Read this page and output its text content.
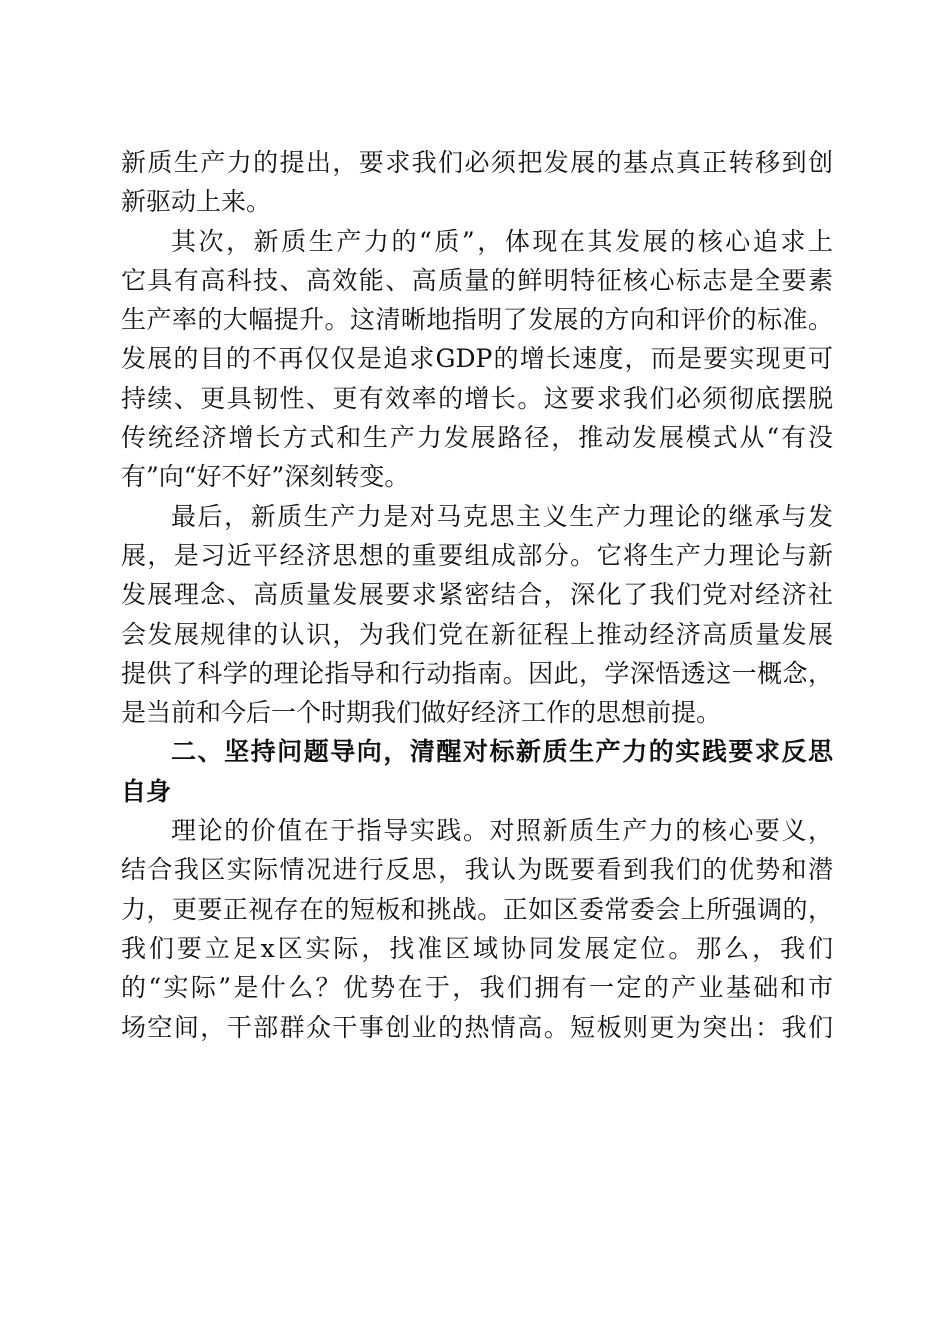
新质生产力的提出，要求我们必须把发展的基点真正转移到创
新驱动上来。
其次，新质生产力的“质”，体现在其发展的核心追求上
它具有高科技、高效能、高质量的鲜明特征核心标志是全要素
生产率的大幅提升。这清晰地指明了发展的方向和评价的标准。
发展的目的不再仅仅是追求GDP的增长速度，而是要实现更可
持续、更具韧性、更有效率的增长。这要求我们必须彻底摆脱
传统经济增长方式和生产力发展路径，推动发展模式从“有没
有”向“好不好”深刻转变。
最后，新质生产力是对马克思主义生产力理论的继承与发
展，是习近平经济思想的重要组成部分。它将生产力理论与新
发展理念、高质量发展要求紧密结合，深化了我们党对经济社
会发展规律的认识，为我们党在新征程上推动经济高质量发展
提供了科学的理论指导和行动指南。因此，学深悟透这一概念，
是当前和今后一个时期我们做好经济工作的思想前提。
二、坚持问题导向，清醒对标新质生产力的实践要求反思
自身
理论的价值在于指导实践。对照新质生产力的核心要义，
结合我区实际情况进行反思，我认为既要看到我们的优势和潜
力，更要正视存在的短板和挑战。正如区委常委会上所强调的，
我们要立足x区实际，找准区域协同发展定位。那么，我们
的“实际”是什么？优势在于，我们拥有一定的产业基础和市
场空间，干部群众干事创业的热情高。短板则更为突出：我们
